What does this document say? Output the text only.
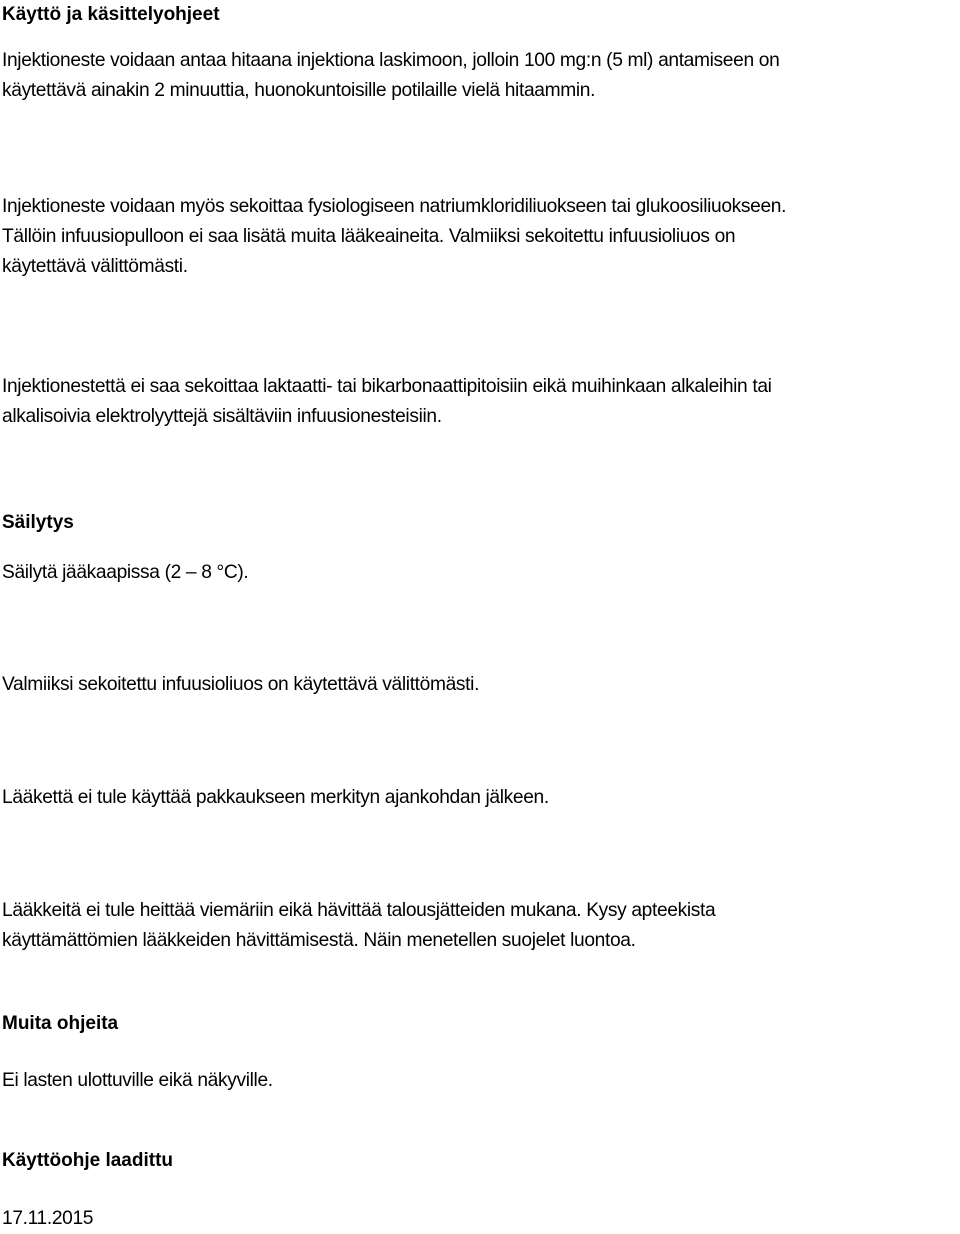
Käyttö ja käsittelyohjeet

Injektioneste voidaan antaa hitaana injektiona laskimoon, jolloin 100 mg:n (5 ml) antamiseen on
käytettävä ainakin 2 minuuttia, huonokuntoisille potilaille vielä hitaammin.

Injektioneste voidaan myös sekoittaa fysiologiseen natriumkloridiliuokseen tai glukoosiliuokseen.
Tällöin infuusiopulloon ei saa lisätä muita lääkeaineita. Valmiiksi sekoitettu infuusioliuos on
käytettävä välittömästi.

Injektionestettä ei saa sekoittaa laktaatti- tai bikarbonaattipitoisiin eikä muihinkaan alkaleihin tai
alkalisoivia elektrolyyttejä sisältäviin infuusionesteisiin.

Säilytys

Säilytä jääkaapissa (2 – 8 °C).

Valmiiksi sekoitettu infuusioliuos on käytettävä välittömästi.

Lääkettä ei tule käyttää pakkaukseen merkityn ajankohdan jälkeen.

Lääkkeitä ei tule heittää viemäriin eikä hävittää talousjätteiden mukana. Kysy apteekista
käyttämättömien lääkkeiden hävittämisestä. Näin menetellen suojelet luontoa.

Muita ohjeita

Ei lasten ulottuville eikä näkyville.

Käyttöohje laadittu

17.11.2015
